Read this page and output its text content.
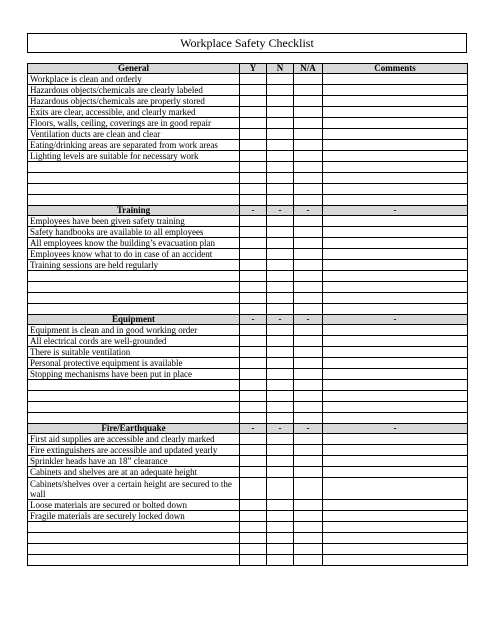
Workplace Safety Checklist
General	Y	N	N/A	Comments
Workplace is clean and orderly				
Hazardous objects/chemicals are clearly labeled				
Hazardous objects/chemicals are properly stored				
Exits are clear, accessible, and clearly marked				
Floors, walls, ceiling, coverings are in good repair				
Ventilation ducts are clean and clear				
Eating/drinking areas are separated from work areas				
Lighting levels are suitable for necessary work				

Training	-	-	-	-
Employees have been given safety training				
Safety handbooks are available to all employees				
All employees know the building’s evacuation plan				
Employees know what to do in case of an accident				
Training sessions are held regularly				

Equipment	-	-	-	-
Equipment is clean and in good working order				
All electrical cords are well-grounded				
There is suitable ventilation				
Personal protective equipment is available				
Stopping mechanisms have been put in place				

Fire/Earthquake	-	-	-	-
First aid supplies are accessible and clearly marked				
Fire extinguishers are accessible and updated yearly				
Sprinkler heads have an 18” clearance				
Cabinets and shelves are at an adequate height				
Cabinets/shelves over a certain height are secured to the wall				
Loose materials are secured or bolted down				
Fragile materials are securely locked down				
